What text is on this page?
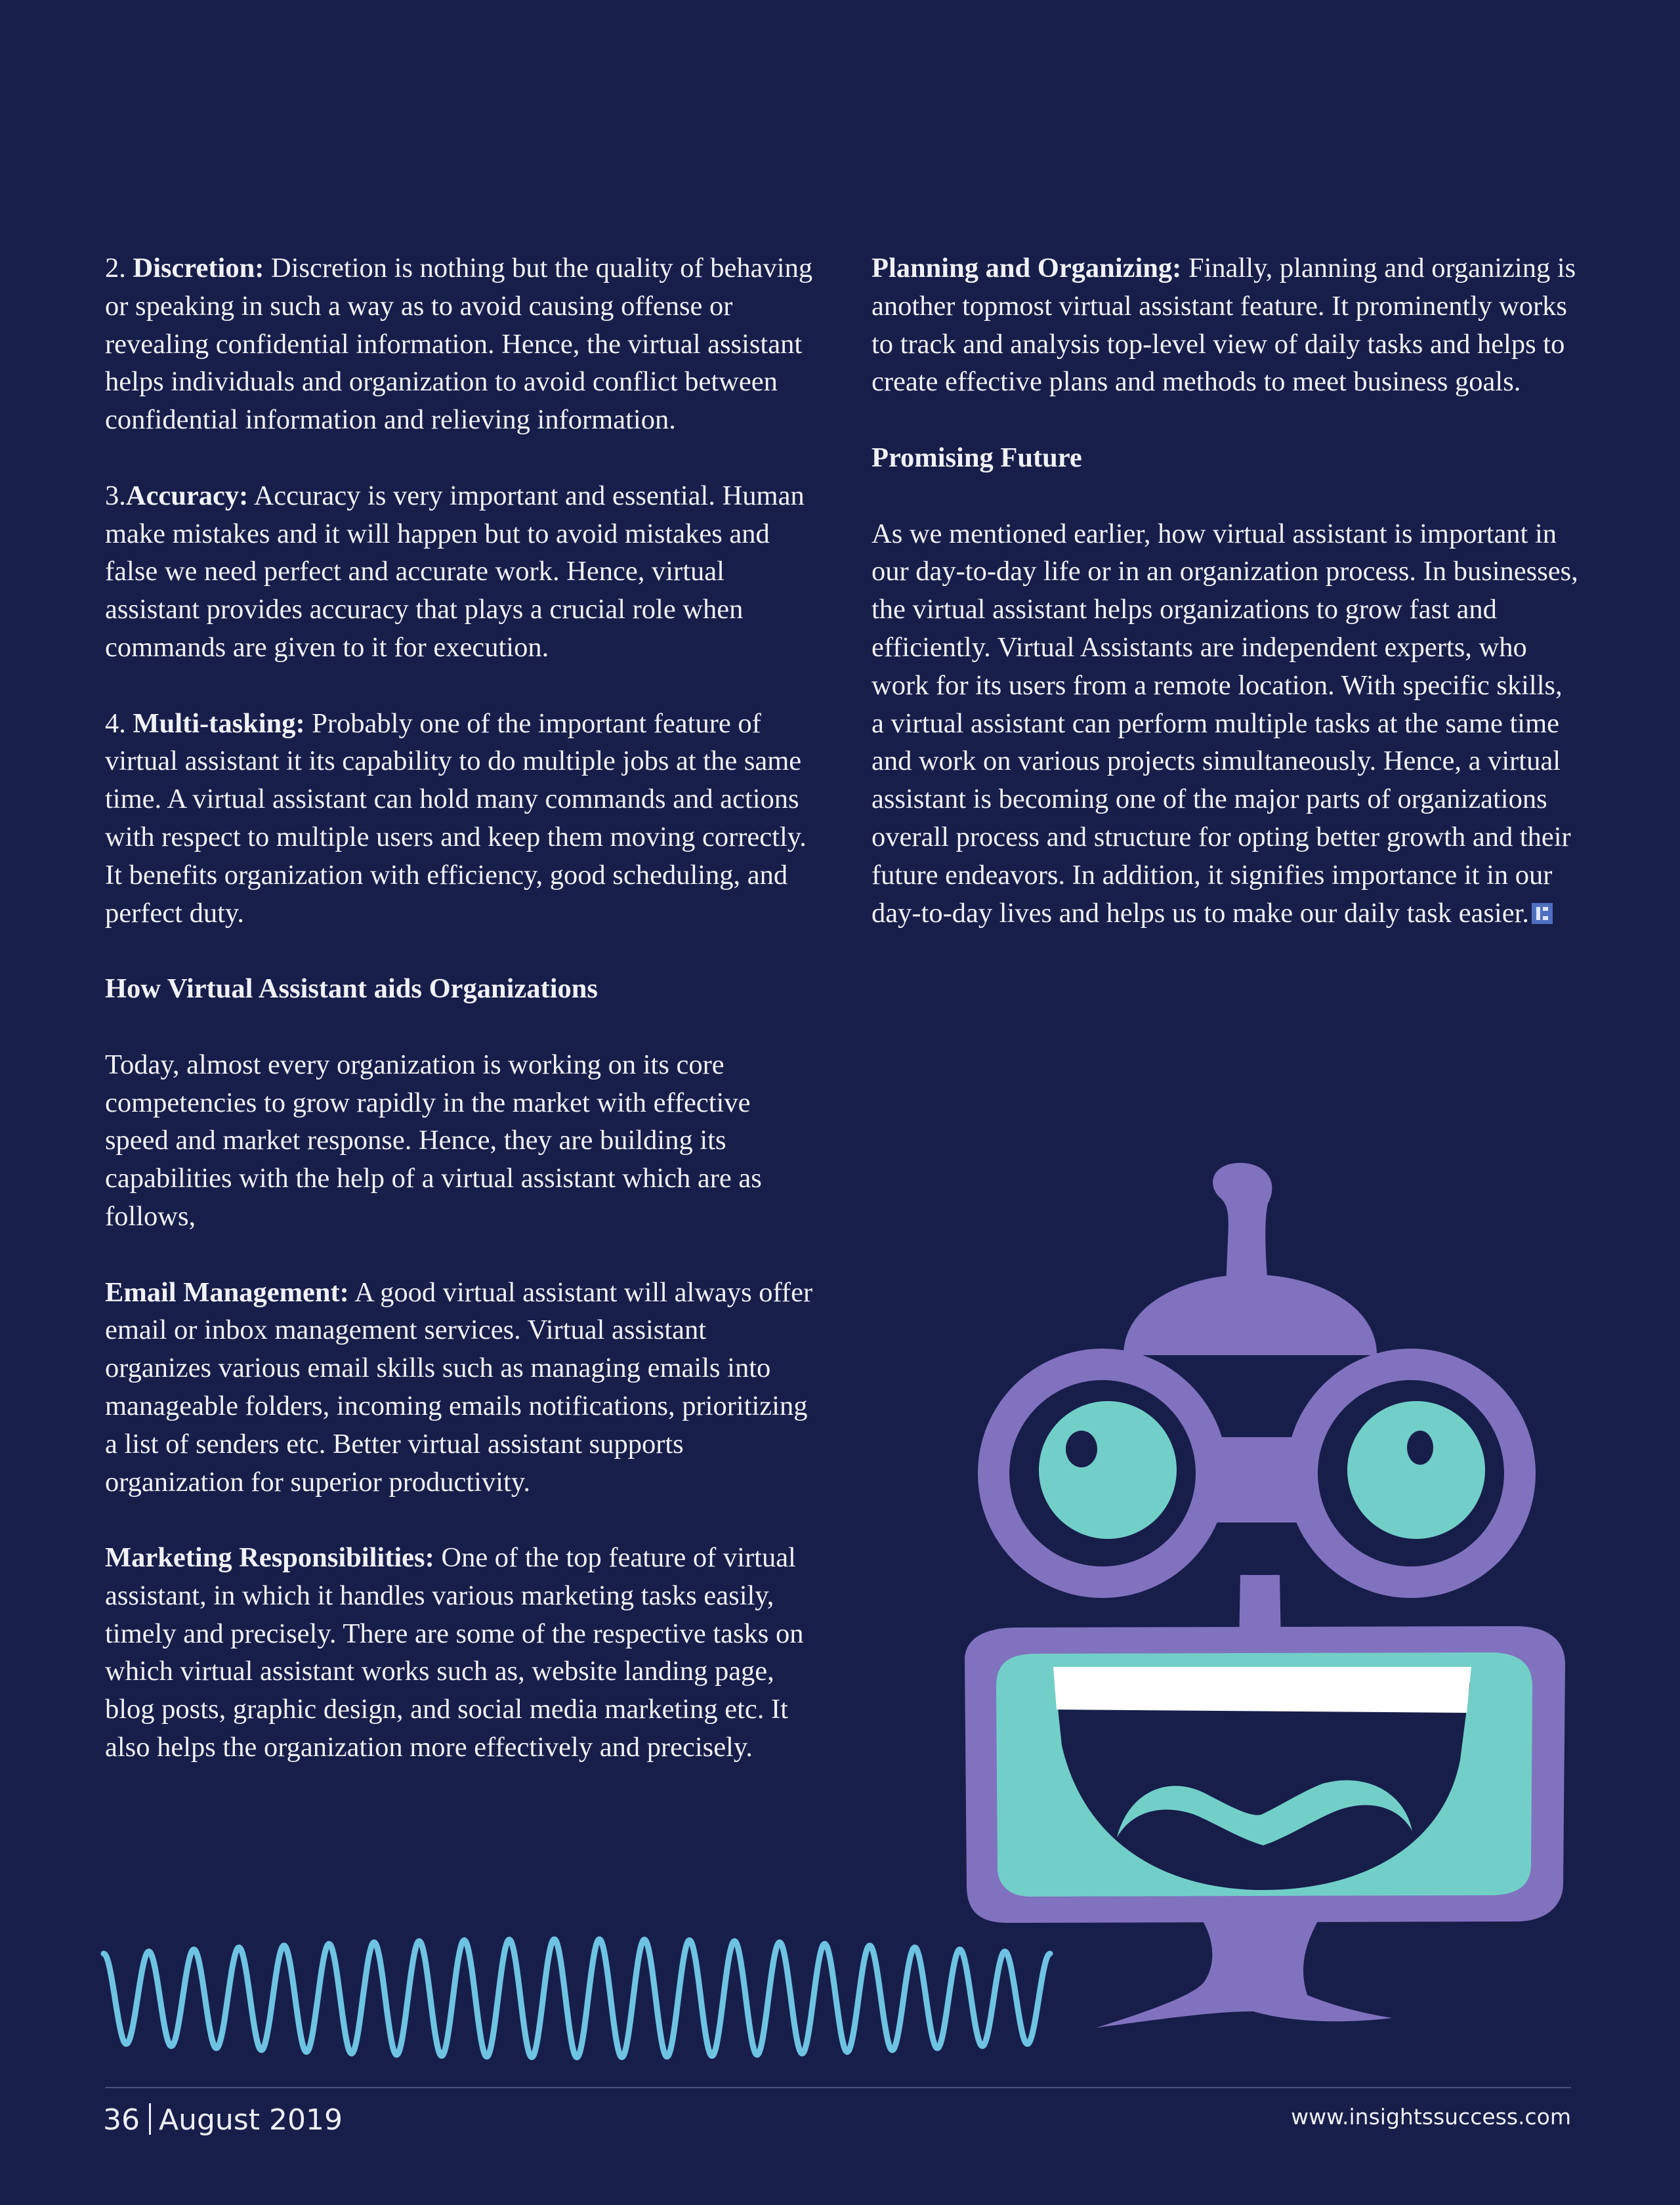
2. Discretion: Discretion is nothing but the quality of behaving or speaking in such a way as to avoid causing offense or revealing confidential information. Hence, the virtual assistant helps individuals and organization to avoid conflict between confidential information and relieving information.

3.Accuracy: Accuracy is very important and essential. Human make mistakes and it will happen but to avoid mistakes and false we need perfect and accurate work. Hence, virtual assistant provides accuracy that plays a crucial role when commands are given to it for execution.

4. Multi-tasking: Probably one of the important feature of virtual assistant it its capability to do multiple jobs at the same time. A virtual assistant can hold many commands and actions with respect to multiple users and keep them moving correctly. It benefits organization with efficiency, good scheduling, and perfect duty.

How Virtual Assistant aids Organizations

Today, almost every organization is working on its core competencies to grow rapidly in the market with effective speed and market response. Hence, they are building its capabilities with the help of a virtual assistant which are as follows,

Email Management: A good virtual assistant will always offer email or inbox management services. Virtual assistant organizes various email skills such as managing emails into manageable folders, incoming emails notifications, prioritizing a list of senders etc. Better virtual assistant supports organization for superior productivity.

Marketing Responsibilities: One of the top feature of virtual assistant, in which it handles various marketing tasks easily, timely and precisely. There are some of the respective tasks on which virtual assistant works such as, website landing page, blog posts, graphic design, and social media marketing etc. It also helps the organization more effectively and precisely.

Planning and Organizing: Finally, planning and organizing is another topmost virtual assistant feature. It prominently works to track and analysis top-level view of daily tasks and helps to create effective plans and methods to meet business goals.

Promising Future

As we mentioned earlier, how virtual assistant is important in our day-to-day life or in an organization process. In businesses, the virtual assistant helps organizations to grow fast and efficiently. Virtual Assistants are independent experts, who work for its users from a remote location. With specific skills, a virtual assistant can perform multiple tasks at the same time and work on various projects simultaneously. Hence, a virtual assistant is becoming one of the major parts of organizations overall process and structure for opting better growth and their future endeavors. In addition, it signifies importance it in our day-to-day lives and helps us to make our daily task easier.

36 August 2019	www.insightssuccess.com
